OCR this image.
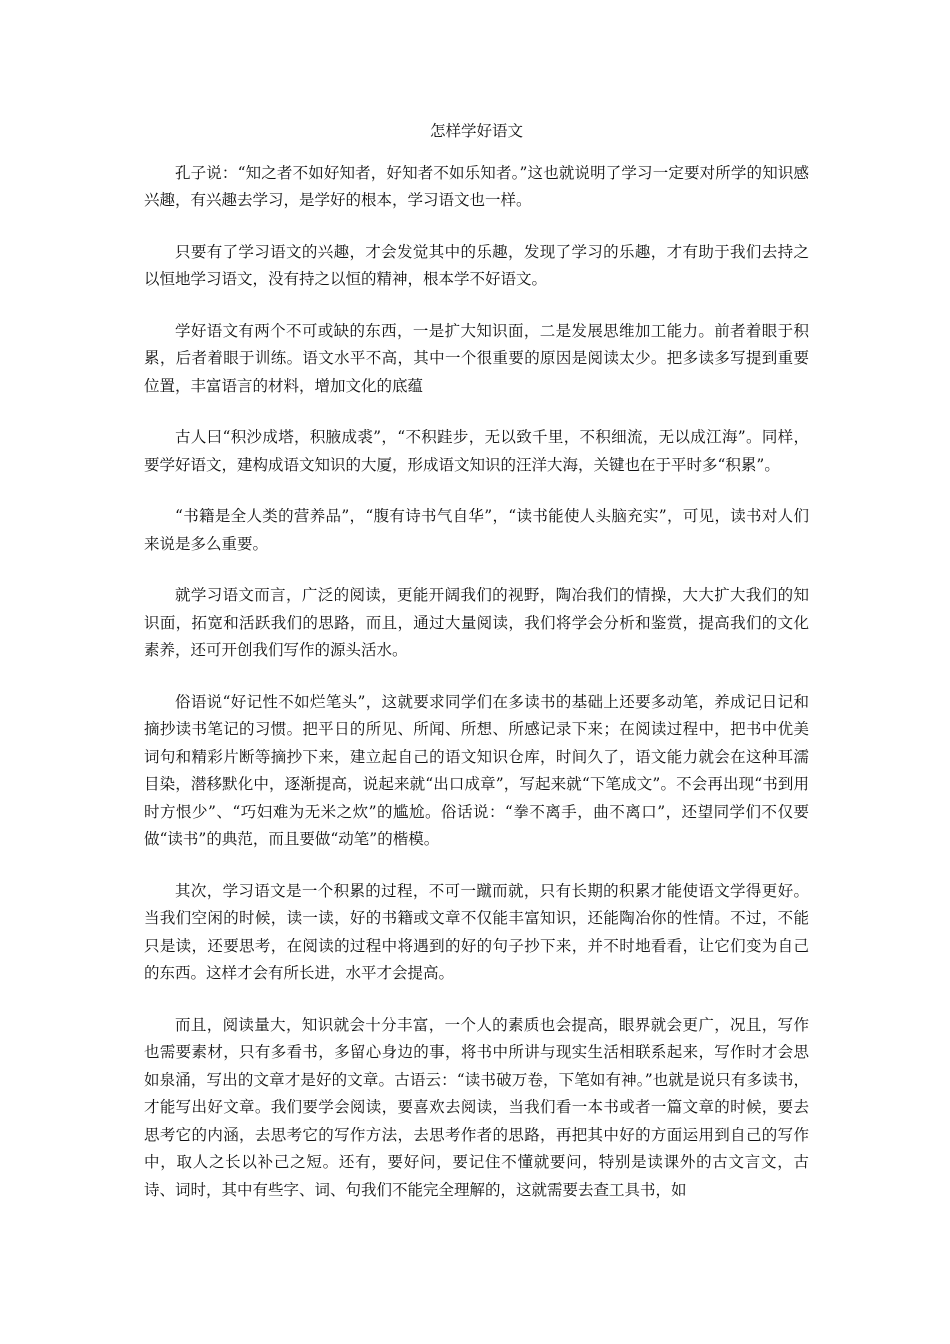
怎样学好语文

孔子说：“知之者不如好知者，好知者不如乐知者。”这也就说明了学习一定要对所学的知识感兴趣，有兴趣去学习，是学好的根本，学习语文也一样。

只要有了学习语文的兴趣，才会发觉其中的乐趣，发现了学习的乐趣，才有助于我们去持之以恒地学习语文，没有持之以恒的精神，根本学不好语文。

学好语文有两个不可或缺的东西，一是扩大知识面，二是发展思维加工能力。前者着眼于积累，后者着眼于训练。语文水平不高，其中一个很重要的原因是阅读太少。把多读多写提到重要位置，丰富语言的材料，增加文化的底蕴

古人曰“积沙成塔，积腋成裘”，“不积跬步，无以致千里，不积细流，无以成江海”。同样，要学好语文，建构成语文知识的大厦，形成语文知识的汪洋大海，关键也在于平时多“积累”。

“书籍是全人类的营养品”，“腹有诗书气自华”，“读书能使人头脑充实”，可见，读书对人们来说是多么重要。

就学习语文而言，广泛的阅读，更能开阔我们的视野，陶冶我们的情操，大大扩大我们的知识面，拓宽和活跃我们的思路，而且，通过大量阅读，我们将学会分析和鉴赏，提高我们的文化素养，还可开创我们写作的源头活水。

俗语说“好记性不如烂笔头”，这就要求同学们在多读书的基础上还要多动笔，养成记日记和摘抄读书笔记的习惯。把平日的所见、所闻、所想、所感记录下来；在阅读过程中，把书中优美词句和精彩片断等摘抄下来，建立起自己的语文知识仓库，时间久了，语文能力就会在这种耳濡目染，潜移默化中，逐渐提高，说起来就“出口成章”，写起来就“下笔成文”。不会再出现“书到用时方恨少”、“巧妇难为无米之炊”的尴尬。俗话说：“拳不离手，曲不离口”，还望同学们不仅要做“读书”的典范，而且要做“动笔”的楷模。

其次，学习语文是一个积累的过程，不可一蹴而就，只有长期的积累才能使语文学得更好。当我们空闲的时候，读一读，好的书籍或文章不仅能丰富知识，还能陶冶你的性情。不过，不能只是读，还要思考，在阅读的过程中将遇到的好的句子抄下来，并不时地看看，让它们变为自己的东西。这样才会有所长进，水平才会提高。

而且，阅读量大，知识就会十分丰富，一个人的素质也会提高，眼界就会更广，况且，写作也需要素材，只有多看书，多留心身边的事，将书中所讲与现实生活相联系起来，写作时才会思如泉涌，写出的文章才是好的文章。古语云：“读书破万卷，下笔如有神。”也就是说只有多读书，才能写出好文章。我们要学会阅读，要喜欢去阅读，当我们看一本书或者一篇文章的时候，要去思考它的内涵，去思考它的写作方法，去思考作者的思路，再把其中好的方面运用到自己的写作中，取人之长以补己之短。还有，要好问，要记住不懂就要问，特别是读课外的古文言文，古诗、词时，其中有些字、词、句我们不能完全理解的，这就需要去查工具书，如
